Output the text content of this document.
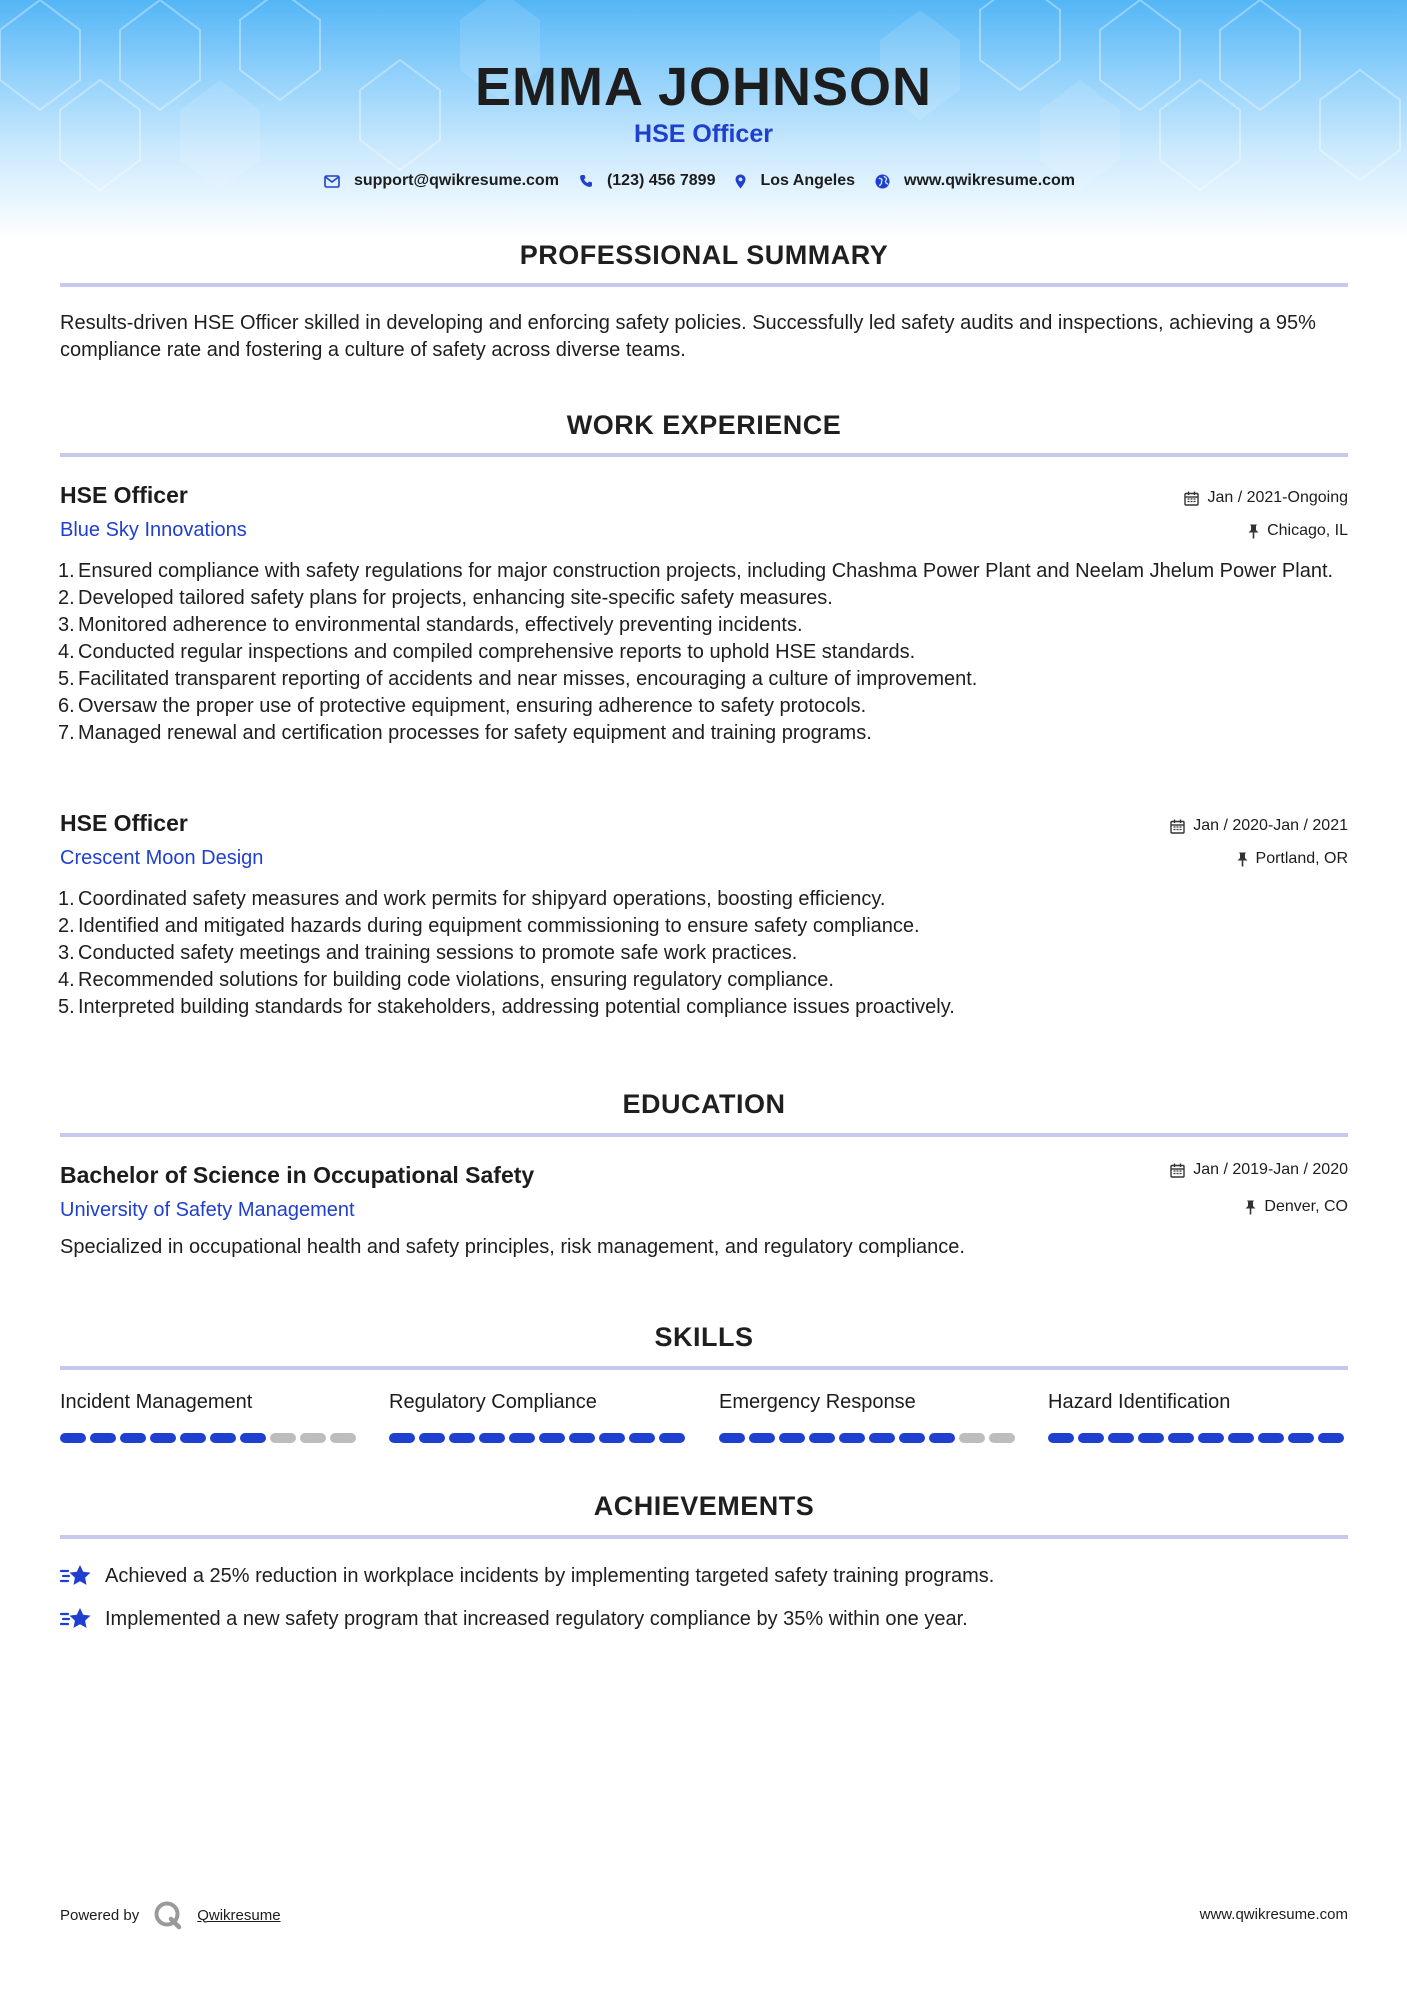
EMMA JOHNSON
HSE Officer
support@qwikresume.com	(123) 456 7899	Los Angeles	www.qwikresume.com
PROFESSIONAL SUMMARY
Results-driven HSE Officer skilled in developing and enforcing safety policies. Successfully led safety audits and inspections, achieving a 95% compliance rate and fostering a culture of safety across diverse teams.
WORK EXPERIENCE
HSE Officer	Jan / 2021-Ongoing
Blue Sky Innovations	Chicago, IL
1. Ensured compliance with safety regulations for major construction projects, including Chashma Power Plant and Neelam Jhelum Power Plant.
2. Developed tailored safety plans for projects, enhancing site-specific safety measures.
3. Monitored adherence to environmental standards, effectively preventing incidents.
4. Conducted regular inspections and compiled comprehensive reports to uphold HSE standards.
5. Facilitated transparent reporting of accidents and near misses, encouraging a culture of improvement.
6. Oversaw the proper use of protective equipment, ensuring adherence to safety protocols.
7. Managed renewal and certification processes for safety equipment and training programs.
HSE Officer	Jan / 2020-Jan / 2021
Crescent Moon Design	Portland, OR
1. Coordinated safety measures and work permits for shipyard operations, boosting efficiency.
2. Identified and mitigated hazards during equipment commissioning to ensure safety compliance.
3. Conducted safety meetings and training sessions to promote safe work practices.
4. Recommended solutions for building code violations, ensuring regulatory compliance.
5. Interpreted building standards for stakeholders, addressing potential compliance issues proactively.
EDUCATION
Bachelor of Science in Occupational Safety	Jan / 2019-Jan / 2020
University of Safety Management	Denver, CO
Specialized in occupational health and safety principles, risk management, and regulatory compliance.
SKILLS
Incident Management	Regulatory Compliance	Emergency Response	Hazard Identification
ACHIEVEMENTS
Achieved a 25% reduction in workplace incidents by implementing targeted safety training programs.
Implemented a new safety program that increased regulatory compliance by 35% within one year.
Powered by	Qwikresume	www.qwikresume.com
